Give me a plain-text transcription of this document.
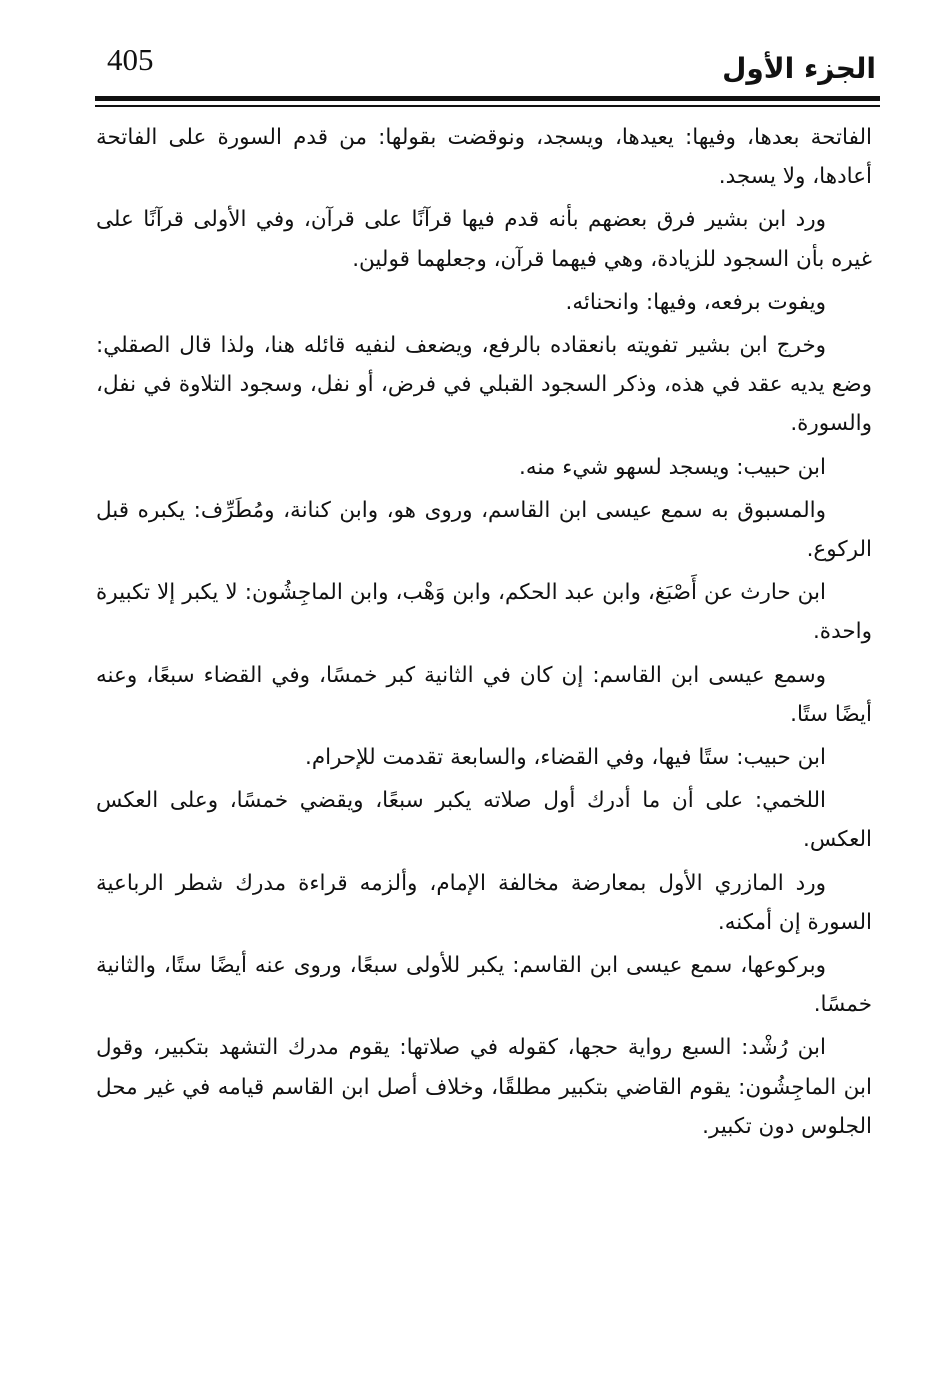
405	الجزء الأول

الفاتحة بعدها، وفيها: يعيدها، ويسجد، ونوقضت بقولها: من قدم السورة على الفاتحة أعادها، ولا يسجد.

ورد ابن بشير فرق بعضهم بأنه قدم فيها قرآنًا على قرآن، وفي الأولى قرآنًا على غيره بأن السجود للزيادة، وهي فيهما قرآن، وجعلهما قولين.

ويفوت برفعه، وفيها: وانحنائه.

وخرج ابن بشير تفويته بانعقاده بالرفع، ويضعف لنفيه قائله هنا، ولذا قال الصقلي: وضع يديه عقد في هذه، وذكر السجود القبلي في فرض، أو نفل، وسجود التلاوة في نفل، والسورة.

ابن حبيب: ويسجد لسهو شيء منه.

والمسبوق به سمع عيسى ابن القاسم، وروى هو، وابن كنانة، ومُطَرِّف: يكبره قبل الركوع.

ابن حارث عن أَصْبَغ، وابن عبد الحكم، وابن وَهْب، وابن الماجِشُون: لا يكبر إلا تكبيرة واحدة.

وسمع عيسى ابن القاسم: إن كان في الثانية كبر خمسًا، وفي القضاء سبعًا، وعنه أيضًا ستًا.

ابن حبيب: ستًا فيها، وفي القضاء، والسابعة تقدمت للإحرام.

اللخمي: على أن ما أدرك أول صلاته يكبر سبعًا، ويقضي خمسًا، وعلى العكس العكس.

ورد المازري الأول بمعارضة مخالفة الإمام، وألزمه قراءة مدرك شطر الرباعية السورة إن أمكنه.

وبركوعها، سمع عيسى ابن القاسم: يكبر للأولى سبعًا، وروى عنه أيضًا ستًا، والثانية خمسًا.

ابن رُشْد: السبع رواية حجها، كقوله في صلاتها: يقوم مدرك التشهد بتكبير، وقول ابن الماجِشُون: يقوم القاضي بتكبير مطلقًا، وخلاف أصل ابن القاسم قيامه في غير محل الجلوس دون تكبير.
